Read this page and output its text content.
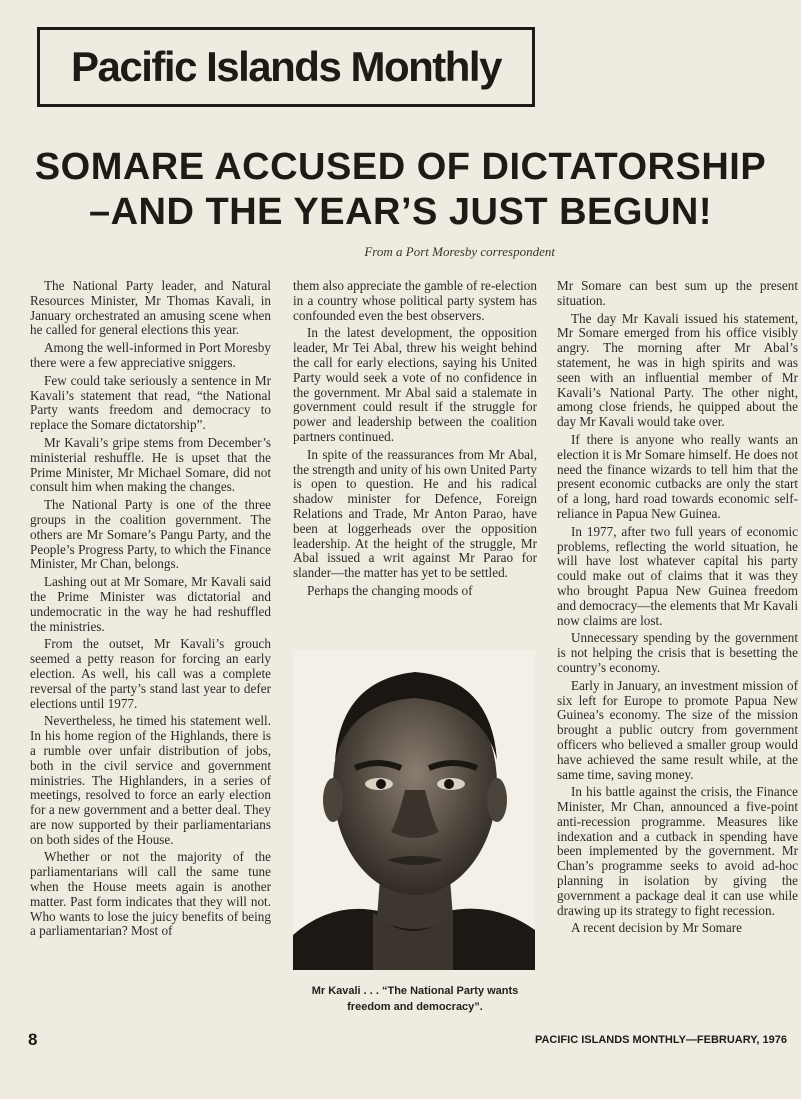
Pacific Islands Monthly
SOMARE ACCUSED OF DICTATORSHIP
–AND THE YEAR’S JUST BEGUN!
From a Port Moresby correspondent

The National Party leader, and Natural Resources Minister, Mr Thomas Kavali, in January orchestrated an amusing scene when he called for general elections this year.

Among the well-informed in Port Moresby there were a few appreciative sniggers.

Few could take seriously a sentence in Mr Kavali’s statement that read, “the National Party wants freedom and democracy to replace the Somare dictatorship”.

Mr Kavali’s gripe stems from December’s ministerial reshuffle. He is upset that the Prime Minister, Mr Michael Somare, did not consult him when making the changes.

The National Party is one of the three groups in the coalition government. The others are Mr Somare’s Pangu Party, and the People’s Progress Party, to which the Finance Minister, Mr Chan, belongs.

Lashing out at Mr Somare, Mr Kavali said the Prime Minister was dictatorial and undemocratic in the way he had reshuffled the ministries.

From the outset, Mr Kavali’s grouch seemed a petty reason for forcing an early election. As well, his call was a complete reversal of the party’s stand last year to defer elections until 1977.

Nevertheless, he timed his statement well. In his home region of the Highlands, there is a rumble over unfair distribution of jobs, both in the civil service and government ministries. The Highlanders, in a series of meetings, resolved to force an early election for a new government and a better deal. They are now supported by their parliamentarians on both sides of the House.

Whether or not the majority of the parliamentarians will call the same tune when the House meets again is another matter. Past form indicates that they will not. Who wants to lose the juicy benefits of being a parliamentarian? Most of

them also appreciate the gamble of re-election in a country whose political party system has confounded even the best observers.

In the latest development, the opposition leader, Mr Tei Abal, threw his weight behind the call for early elections, saying his United Party would seek a vote of no confidence in the government. Mr Abal said a stalemate in government could result if the struggle for power and leadership between the coalition partners continued.

In spite of the reassurances from Mr Abal, the strength and unity of his own United Party is open to question. He and his radical shadow minister for Defence, Foreign Relations and Trade, Mr Anton Parao, have been at loggerheads over the opposition leadership. At the height of the struggle, Mr Abal issued a writ against Mr Parao for slander—the matter has yet to be settled.

Perhaps the changing moods of

Mr Kavali . . . “The National Party wants
freedom and democracy”.

Mr Somare can best sum up the present situation.

The day Mr Kavali issued his statement, Mr Somare emerged from his office visibly angry. The morning after Mr Abal’s statement, he was in high spirits and was seen with an influential member of Mr Kavali’s National Party. The other night, among close friends, he quipped about the day Mr Kavali would take over.

If there is anyone who really wants an election it is Mr Somare himself. He does not need the finance wizards to tell him that the present economic cutbacks are only the start of a long, hard road towards economic self-reliance in Papua New Guinea.

In 1977, after two full years of economic problems, reflecting the world situation, he will have lost whatever capital his party could make out of claims that it was they who brought Papua New Guinea freedom and democracy—the elements that Mr Kavali now claims are lost.

Unnecessary spending by the government is not helping the crisis that is besetting the country’s economy.

Early in January, an investment mission of six left for Europe to promote Papua New Guinea’s economy. The size of the mission brought a public outcry from government officers who believed a smaller group would have achieved the same result while, at the same time, saving money.

In his battle against the crisis, the Finance Minister, Mr Chan, announced a five-point anti-recession programme. Measures like indexation and a cutback in spending have been implemented by the government. Mr Chan’s programme seeks to avoid ad-hoc planning in isolation by giving the government a package deal it can use while drawing up its strategy to fight recession.

A recent decision by Mr Somare

8	PACIFIC ISLANDS MONTHLY—FEBRUARY, 1976
